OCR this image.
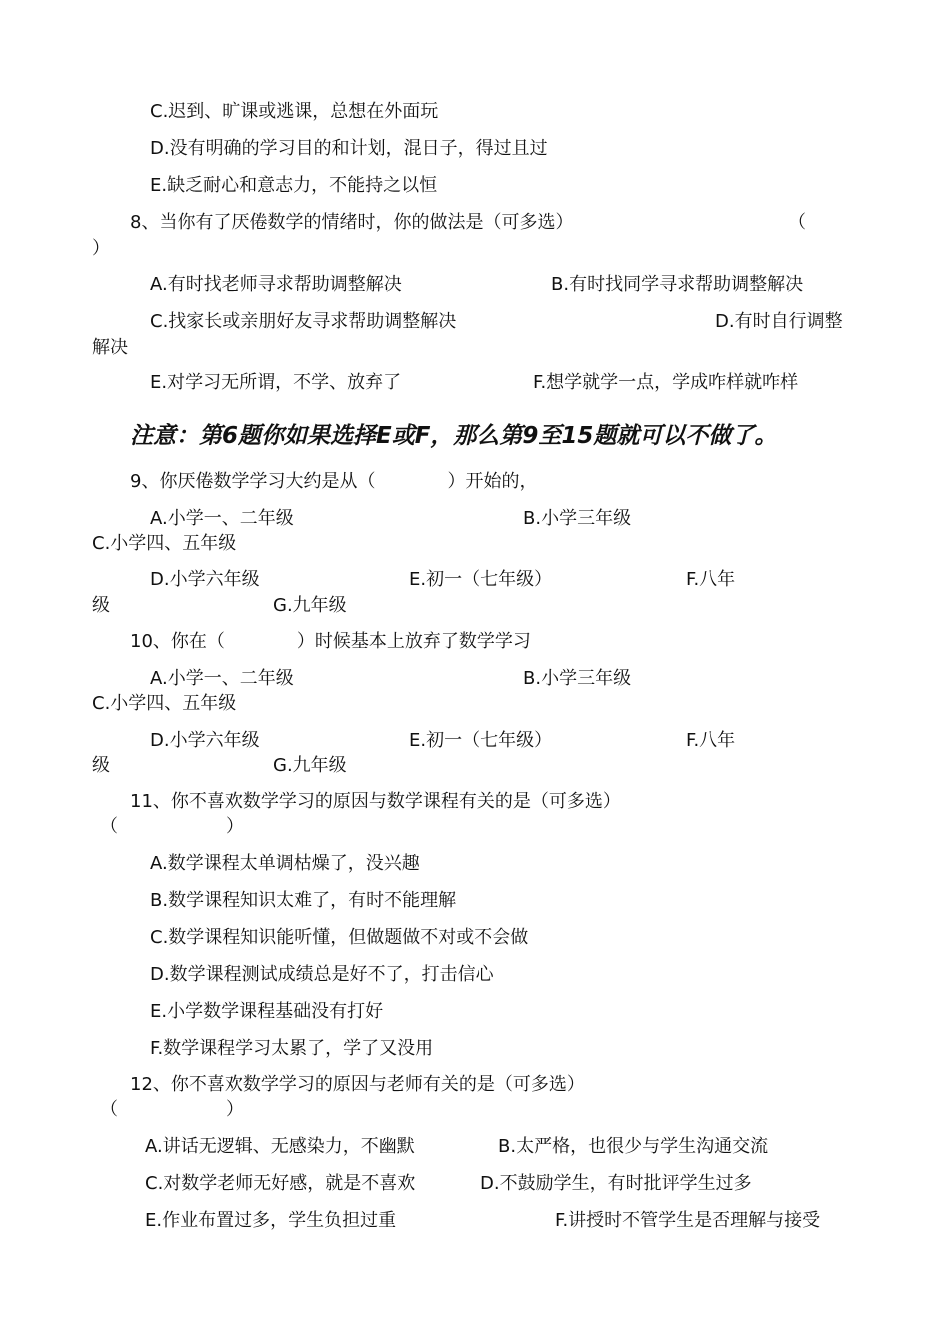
C.迟到、旷课或逃课，总想在外面玩
D.没有明确的学习目的和计划，混日子，得过且过
E.缺乏耐心和意志力，不能持之以恒
8、当你有了厌倦数学的情绪时，你的做法是（可多选）	（
）
A.有时找老师寻求帮助调整解决	B.有时找同学寻求帮助调整解决
C.找家长或亲朋好友寻求帮助调整解决	D.有时自行调整
解决
E.对学习无所谓，不学、放弃了	F.想学就学一点，学成咋样就咋样
注意：第6题你如果选择E或F，那么第9至15题就可以不做了。
9、你厌倦数学学习大约是从（　　　　）开始的，
A.小学一、二年级	B.小学三年级
C.小学四、五年级
D.小学六年级	E.初一（七年级）	F.八年
级	G.九年级
10、你在（　　　　）时候基本上放弃了数学学习
A.小学一、二年级	B.小学三年级
C.小学四、五年级
D.小学六年级	E.初一（七年级）	F.八年
级	G.九年级
11、你不喜欢数学学习的原因与数学课程有关的是（可多选）
（　　　　　　）
A.数学课程太单调枯燥了，没兴趣
B.数学课程知识太难了，有时不能理解
C.数学课程知识能听懂，但做题做不对或不会做
D.数学课程测试成绩总是好不了，打击信心
E.小学数学课程基础没有打好
F.数学课程学习太累了，学了又没用
12、你不喜欢数学学习的原因与老师有关的是（可多选）
（　　　　　　）
A.讲话无逻辑、无感染力，不幽默	B.太严格，也很少与学生沟通交流
C.对数学老师无好感，就是不喜欢	D.不鼓励学生，有时批评学生过多
E.作业布置过多，学生负担过重	F.讲授时不管学生是否理解与接受
